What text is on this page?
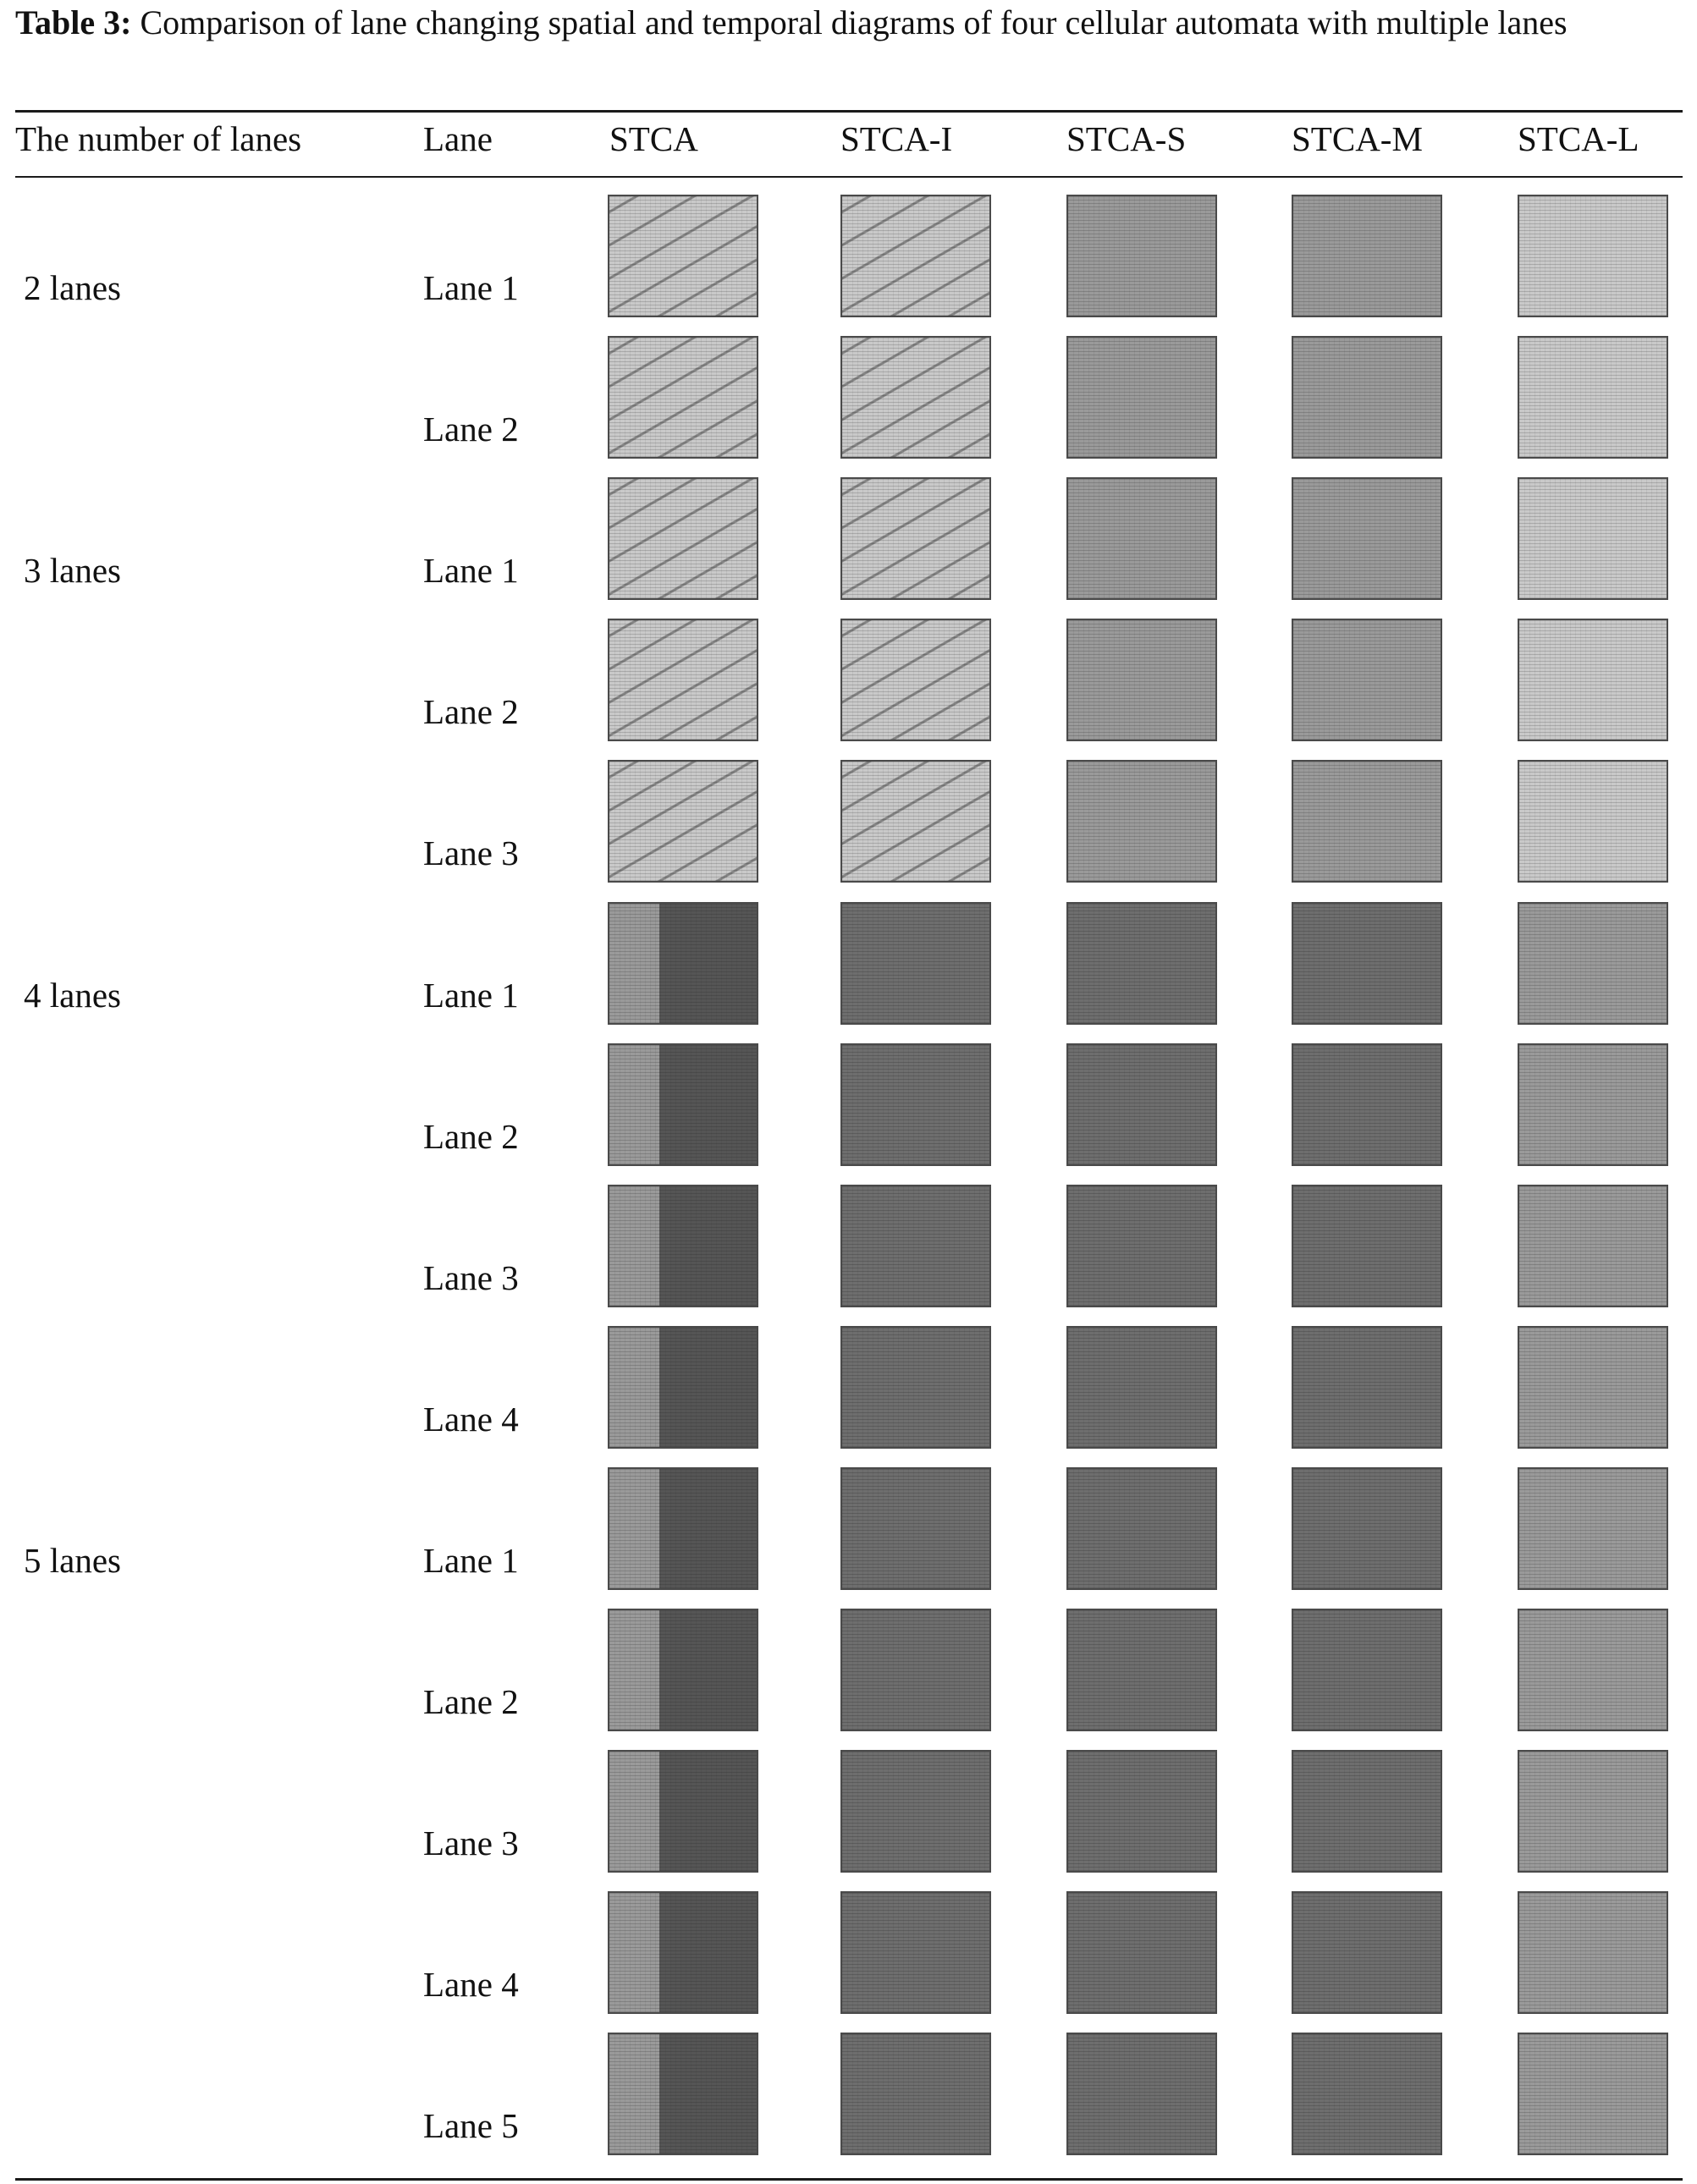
Table 3: Comparison of lane changing spatial and temporal diagrams of four cellular automata with multiple lanes
The number of lanes	Lane	STCA	STCA-I	STCA-S	STCA-M	STCA-L
2 lanes	Lane 1
Lane 2
3 lanes	Lane 1
Lane 2
Lane 3
4 lanes	Lane 1
Lane 2
Lane 3
Lane 4
5 lanes	Lane 1
Lane 2
Lane 3
Lane 4
Lane 5
